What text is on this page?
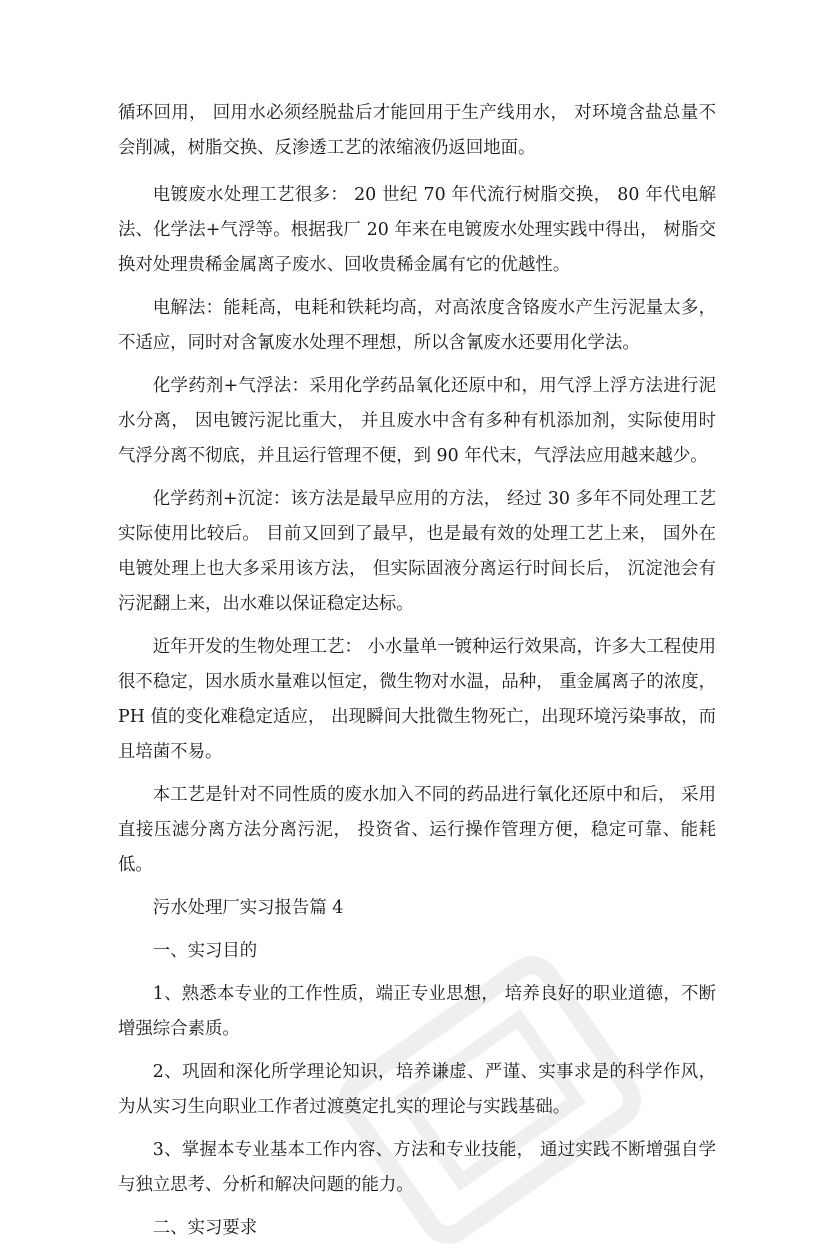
循环回用， 回用水必须经脱盐后才能回用于生产线用水， 对环境含盐总量不会削减，树脂交换、反渗透工艺的浓缩液仍返回地面。

电镀废水处理工艺很多： 20 世纪 70 年代流行树脂交换， 80 年代电解法、化学法+气浮等。根据我厂 20 年来在电镀废水处理实践中得出， 树脂交换对处理贵稀金属离子废水、回收贵稀金属有它的优越性。

电解法：能耗高，电耗和铁耗均高，对高浓度含铬废水产生污泥量太多，不适应，同时对含氰废水处理不理想，所以含氰废水还要用化学法。

化学药剂+气浮法：采用化学药品氧化还原中和，用气浮上浮方法进行泥水分离， 因电镀污泥比重大， 并且废水中含有多种有机添加剂，实际使用时气浮分离不彻底，并且运行管理不便，到 90 年代末，气浮法应用越来越少。

化学药剂+沉淀：该方法是最早应用的方法， 经过 30 多年不同处理工艺实际使用比较后。 目前又回到了最早，也是最有效的处理工艺上来， 国外在电镀处理上也大多采用该方法， 但实际固液分离运行时间长后， 沉淀池会有污泥翻上来，出水难以保证稳定达标。

近年开发的生物处理工艺： 小水量单一镀种运行效果高，许多大工程使用很不稳定，因水质水量难以恒定，微生物对水温，品种， 重金属离子的浓度， PH 值的变化难稳定适应， 出现瞬间大批微生物死亡，出现环境污染事故，而且培菌不易。

本工艺是针对不同性质的废水加入不同的药品进行氧化还原中和后， 采用直接压滤分离方法分离污泥， 投资省、运行操作管理方便，稳定可靠、能耗低。

污水处理厂实习报告篇 4

一、实习目的

1、熟悉本专业的工作性质，端正专业思想， 培养良好的职业道德，不断增强综合素质。

2、巩固和深化所学理论知识，培养谦虚、严谨、实事求是的科学作风，为从实习生向职业工作者过渡奠定扎实的理论与实践基础。

3、掌握本专业基本工作内容、方法和专业技能， 通过实践不断增强自学与独立思考、分析和解决问题的能力。

二、实习要求
